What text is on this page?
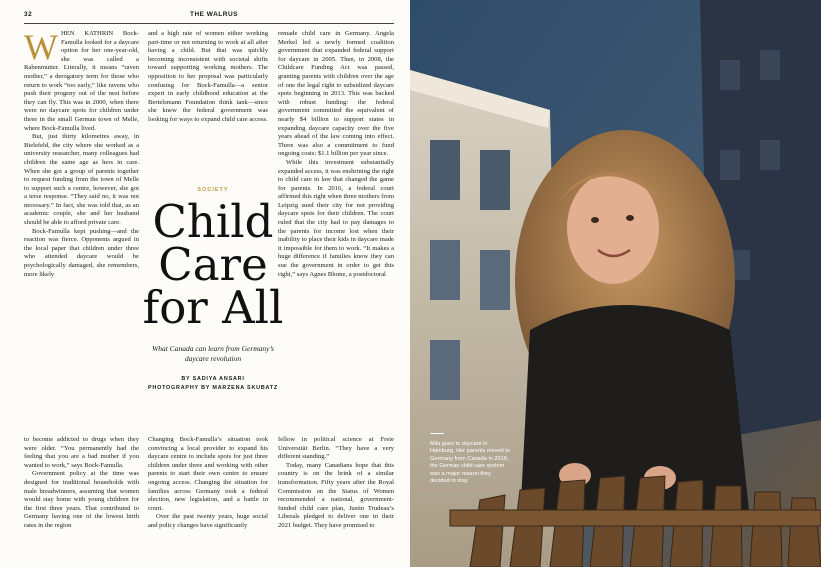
32	THE WALRUS

WHEN KATHRIN Bock-Famulla looked for a daycare option for her one-year-old, she was called a Rabenmutter. Literally, it means “raven mother,” a derogatory term for those who return to work “too early,” like ravens who push their progeny out of the nest before they can fly. This was in 2000, when there were no daycare spots for children under three in the small German town of Melle, where Bock-Famulla lived.

But, just thirty kilometres away, in Bielefeld, the city where she worked as a university researcher, many colleagues had children the same age as hers in care. When she got a group of parents together to request funding from the town of Melle to support such a centre, however, she got a terse response. “They said no, it was not necessary.” In fact, she was told that, as an academic couple, she and her husband should be able to afford private care.

Bock-Famulla kept pushing—and the reaction was fierce. Opponents argued in the local paper that children under three who attended daycare would be psychologically damaged, she remembers, more likely

to become addicted to drugs when they were older. “You permanently had the feeling that you are a bad mother if you wanted to work,” says Bock-Famulla.

Government policy at the time was designed for traditional households with male breadwinners, assuming that women would stay home with young children for the first three years. That contributed to Germany having one of the lowest birth rates in the region

and a high rate of women either working part-time or not returning to work at all after having a child. But that was quickly becoming inconsistent with societal shifts toward supporting working mothers. The opposition to her proposal was particularly confusing for Bock-Famulla—a senior expert in early childhood education at the Bertelsmann Foundation think tank—since she knew the federal government was looking for ways to expand child care access.

SOCIETY
Child
Care
for All
What Canada can learn from Germany’s daycare revolution
BY SADIYA ANSARI
PHOTOGRAPHY BY MARZENA SKUBATZ

Changing Bock-Famulla’s situation took convincing a local provider to expand his daycare centre to include spots for just three children under three and working with other parents to start their own centre to ensure ongoing access. Changing the situation for families across Germany took a federal election, new legislation, and a battle in court.

Over the past twenty years, huge social and policy changes have significantly

remade child care in Germany. Angela Merkel led a newly formed coalition government that expanded federal support for daycare in 2005. Then, in 2008, the Childcare Funding Act was passed, granting parents with children over the age of one the legal right to subsidized daycare spots beginning in 2013. This was backed with robust funding: the federal government committed the equivalent of nearly $4 billion to support states in expanding daycare capacity over the five years ahead of the law coming into effect. There was also a commitment to fund ongoing costs: $1.1 billion per year since.

While this investment substantially expanded access, it was enshrining the right to child care in law that changed the game for parents. In 2016, a federal court affirmed this right when three mothers from Leipzig sued their city for not providing daycare spots for their children. The court ruled that the city had to pay damages to the parents for income lost when their inability to place their kids in daycare made it impossible for them to work. “It makes a huge difference if families know they can sue the government in order to get this right,” says Agnes Blome, a postdoctoral

fellow in political science at Freie Universität Berlin. “They have a very different standing.”

Today, many Canadians hope that this country is on the brink of a similar transformation. Fifty years after the Royal Commission on the Status of Women recommended a national, government-funded child care plan, Justin Trudeau’s Liberals pledged to deliver one in their 2021 budget. They have promised to

Mila goes to daycare in Hamburg. Her parents moved to Germany from Canada in 2016; the German child care system was a major reason they decided to stay.
